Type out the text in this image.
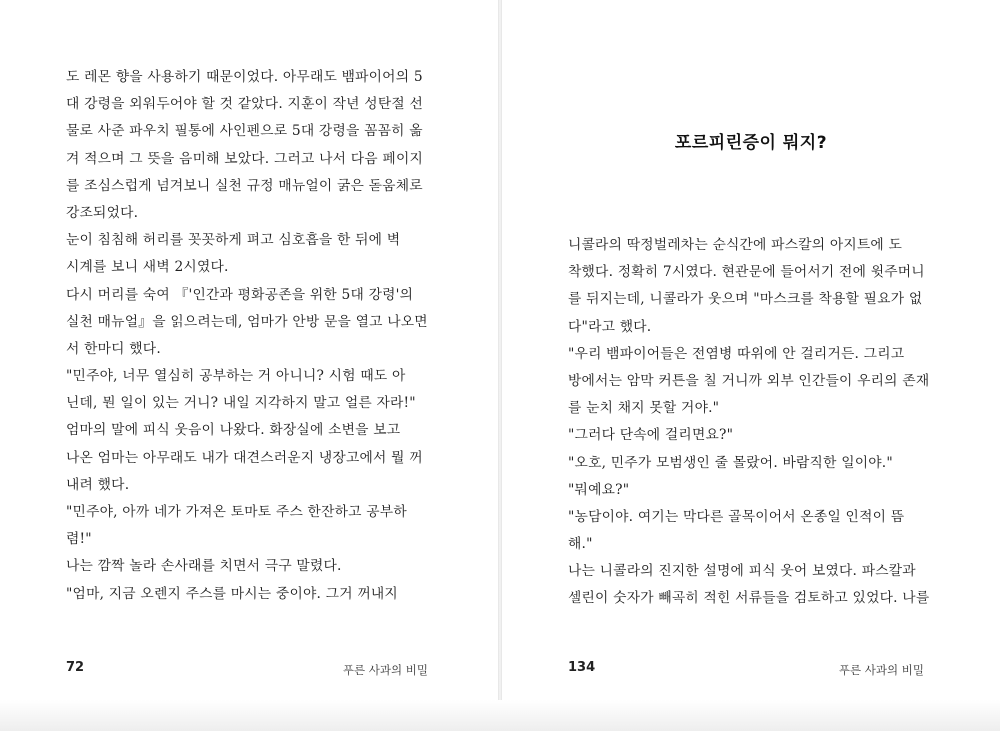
도 레몬 향을 사용하기 때문이었다. 아무래도 뱀파이어의 5
대 강령을 외워두어야 할 것 같았다. 지훈이 작년 성탄절 선
물로 사준 파우치 필통에 사인펜으로 5대 강령을 꼼꼼히 옮
겨 적으며 그 뜻을 음미해 보았다. 그러고 나서 다음 페이지
를 조심스럽게 넘겨보니 실천 규정 매뉴얼이 굵은 돋움체로
강조되었다.
눈이 침침해 허리를 꼿꼿하게 펴고 심호흡을 한 뒤에 벽
시계를 보니 새벽 2시였다.
다시 머리를 숙여 『'인간과 평화공존을 위한 5대 강령'의
실천 매뉴얼』을 읽으려는데, 엄마가 안방 문을 열고 나오면
서 한마디 했다.
"민주야, 너무 열심히 공부하는 거 아니니? 시험 때도 아
닌데, 뭔 일이 있는 거니? 내일 지각하지 말고 얼른 자라!"
엄마의 말에 피식 웃음이 나왔다. 화장실에 소변을 보고
나온 엄마는 아무래도 내가 대견스러운지 냉장고에서 뭘 꺼
내려 했다.
"민주야, 아까 네가 가져온 토마토 주스 한잔하고 공부하
렴!"
나는 깜짝 놀라 손사래를 치면서 극구 말렸다.
"엄마, 지금 오렌지 주스를 마시는 중이야. 그거 꺼내지
72	푸른 사과의 비밀
포르피린증이 뭐지?
니콜라의 딱정벌레차는 순식간에 파스칼의 아지트에 도
착했다. 정확히 7시였다. 현관문에 들어서기 전에 윗주머니
를 뒤지는데, 니콜라가 웃으며 "마스크를 착용할 필요가 없
다"라고 했다.
"우리 뱀파이어들은 전염병 따위에 안 걸리거든. 그리고
방에서는 암막 커튼을 칠 거니까 외부 인간들이 우리의 존재
를 눈치 채지 못할 거야."
"그러다 단속에 걸리면요?"
"오호, 민주가 모범생인 줄 몰랐어. 바람직한 일이야."
"뭐예요?"
"농담이야. 여기는 막다른 골목이어서 온종일 인적이 뜸
해."
나는 니콜라의 진지한 설명에 피식 웃어 보였다. 파스칼과
셀린이 숫자가 빼곡히 적힌 서류들을 검토하고 있었다. 나를
134	푸른 사과의 비밀
